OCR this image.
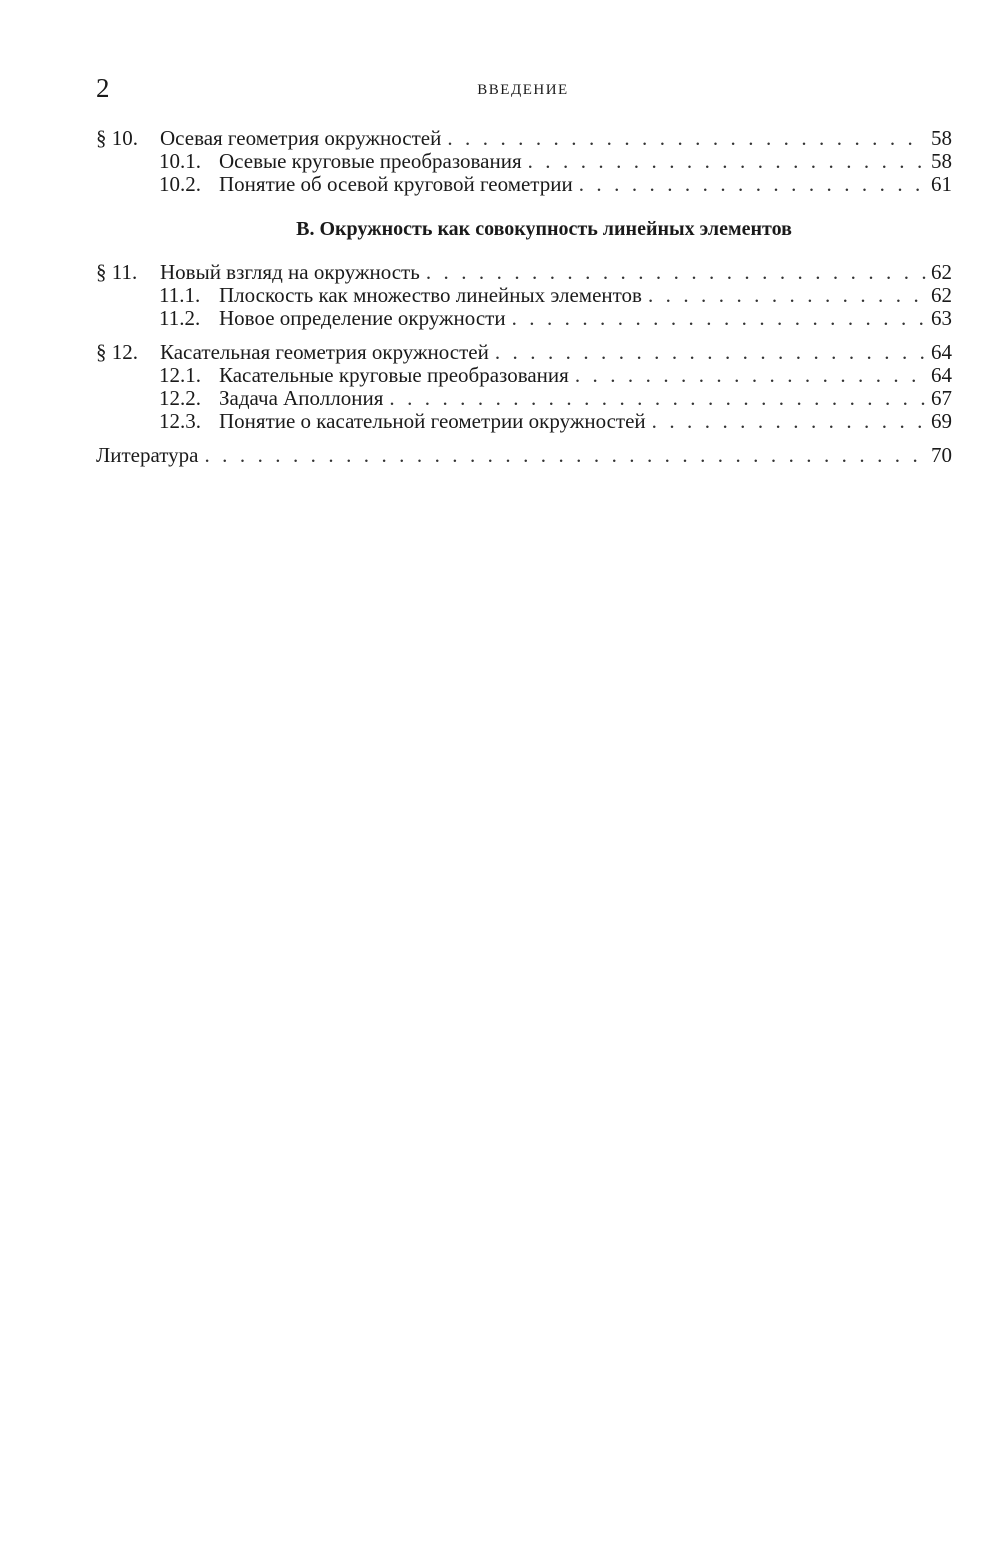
2	ВВЕДЕНИЕ
§ 10.	Осевая геометрия окружностей . . .	58
10.1. Осевые круговые преобразования . . .	58
10.2. Понятие об осевой круговой геометрии . . .	61
В. Окружность как совокупность линейных элементов
§ 11.	Новый взгляд на окружность . . .	62
11.1. Плоскость как множество линейных элементов . . .	62
11.2. Новое определение окружности . . .	63
§ 12.	Касательная геометрия окружностей . . .	64
12.1. Касательные круговые преобразования . . .	64
12.2. Задача Аполлония . . .	67
12.3. Понятие о касательной геометрии окружностей . . .	69
Литература . . .	70
